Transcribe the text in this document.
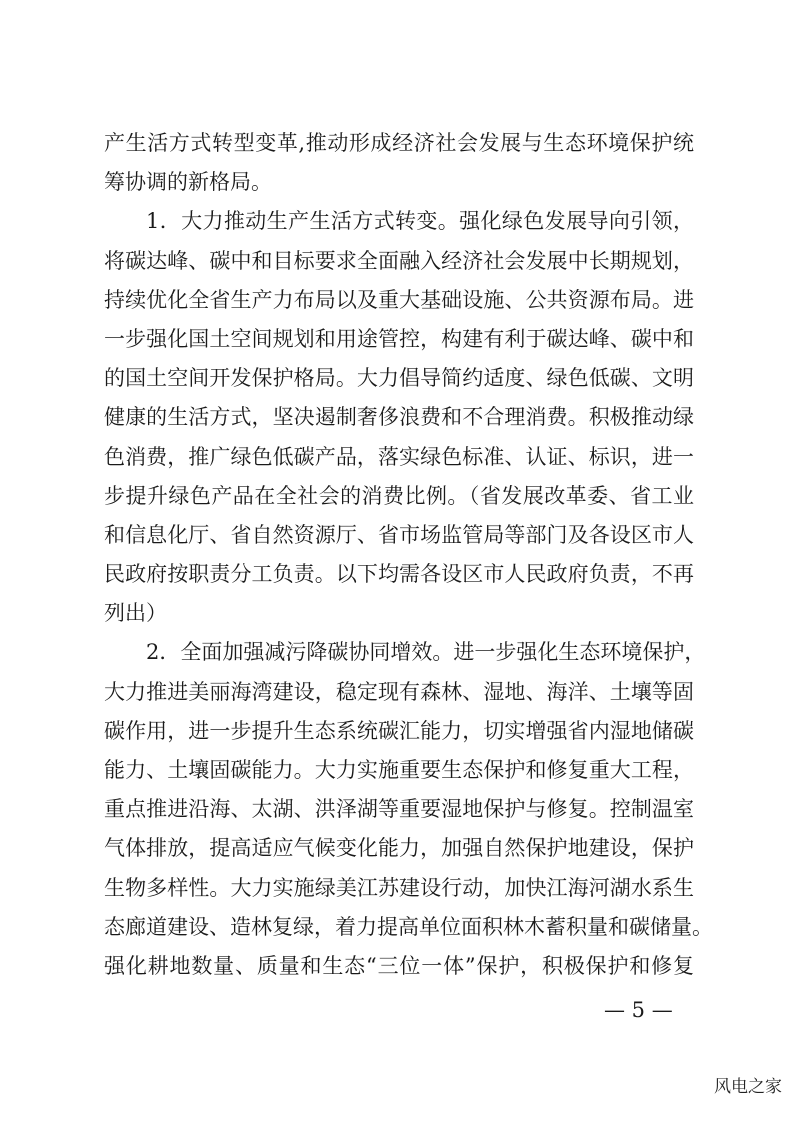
产生活方式转型变革,推动形成经济社会发展与生态环境保护统
筹协调的新格局。
1．大力推动生产生活方式转变。强化绿色发展导向引领，
将碳达峰、碳中和目标要求全面融入经济社会发展中长期规划，
持续优化全省生产力布局以及重大基础设施、公共资源布局。进
一步强化国土空间规划和用途管控，构建有利于碳达峰、碳中和
的国土空间开发保护格局。大力倡导简约适度、绿色低碳、文明
健康的生活方式，坚决遏制奢侈浪费和不合理消费。积极推动绿
色消费，推广绿色低碳产品，落实绿色标准、认证、标识，进一
步提升绿色产品在全社会的消费比例。（省发展改革委、省工业
和信息化厅、省自然资源厅、省市场监管局等部门及各设区市人
民政府按职责分工负责。以下均需各设区市人民政府负责，不再
列出）
2．全面加强减污降碳协同增效。进一步强化生态环境保护，
大力推进美丽海湾建设，稳定现有森林、湿地、海洋、土壤等固
碳作用，进一步提升生态系统碳汇能力，切实增强省内湿地储碳
能力、土壤固碳能力。大力实施重要生态保护和修复重大工程，
重点推进沿海、太湖、洪泽湖等重要湿地保护与修复。控制温室
气体排放，提高适应气候变化能力，加强自然保护地建设，保护
生物多样性。大力实施绿美江苏建设行动，加快江海河湖水系生
态廊道建设、造林复绿，着力提高单位面积林木蓄积量和碳储量。
强化耕地数量、质量和生态“三位一体”保护，积极保护和修复
— 5 —
风电之家
